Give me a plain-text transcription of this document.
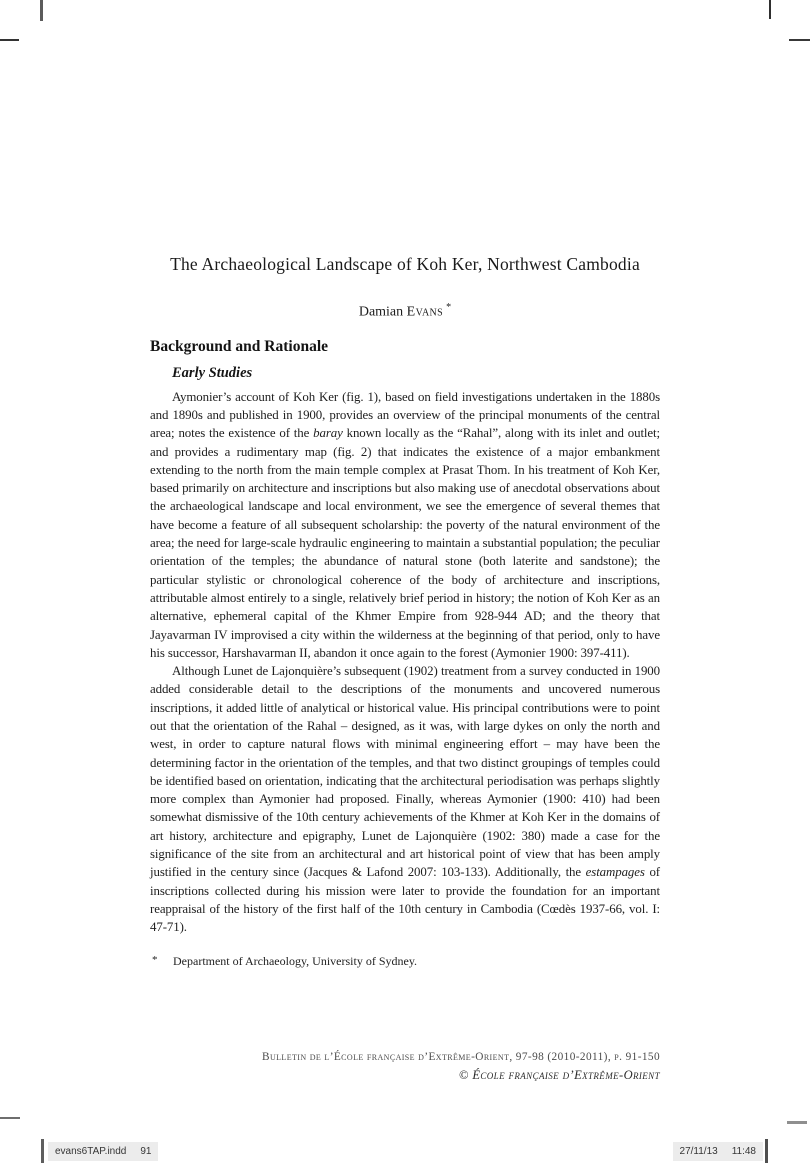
The Archaeological Landscape of Koh Ker, Northwest Cambodia
Damian Evans *
Background and Rationale
Early Studies

Aymonier’s account of Koh Ker (fig. 1), based on field investigations undertaken in the 1880s and 1890s and published in 1900, provides an overview of the principal monuments of the central area; notes the existence of the baray known locally as the “Rahal”, along with its inlet and outlet; and provides a rudimentary map (fig. 2) that indicates the existence of a major embankment extending to the north from the main temple complex at Prasat Thom. In his treatment of Koh Ker, based primarily on architecture and inscriptions but also making use of anecdotal observations about the archaeological landscape and local environment, we see the emergence of several themes that have become a feature of all subsequent scholarship: the poverty of the natural environment of the area; the need for large-scale hydraulic engineering to maintain a substantial population; the peculiar orientation of the temples; the abundance of natural stone (both laterite and sandstone); the particular stylistic or chronological coherence of the body of architecture and inscriptions, attributable almost entirely to a single, relatively brief period in history; the notion of Koh Ker as an alternative, ephemeral capital of the Khmer Empire from 928-944 AD; and the theory that Jayavarman IV improvised a city within the wilderness at the beginning of that period, only to have his successor, Harshavarman II, abandon it once again to the forest (Aymonier 1900: 397-411).

Although Lunet de Lajonquière’s subsequent (1902) treatment from a survey conducted in 1900 added considerable detail to the descriptions of the monuments and uncovered numerous inscriptions, it added little of analytical or historical value. His principal contributions were to point out that the orientation of the Rahal – designed, as it was, with large dykes on only the north and west, in order to capture natural flows with minimal engineering effort – may have been the determining factor in the orientation of the temples, and that two distinct groupings of temples could be identified based on orientation, indicating that the architectural periodisation was perhaps slightly more complex than Aymonier had proposed. Finally, whereas Aymonier (1900: 410) had been somewhat dismissive of the 10th century achievements of the Khmer at Koh Ker in the domains of art history, architecture and epigraphy, Lunet de Lajonquière (1902: 380) made a case for the significance of the site from an architectural and art historical point of view that has been amply justified in the century since (Jacques & Lafond 2007: 103-133). Additionally, the estampages of inscriptions collected during his mission were later to provide the foundation for an important reappraisal of the history of the first half of the 10th century in Cambodia (Cœdès 1937-66, vol. I: 47-71).

* Department of Archaeology, University of Sydney.
Bulletin de l’École française d’Extrême-Orient, 97-98 (2010-2011), p. 91-150
© École française d’Extrême-Orient
evans6TAP.indd 91	27/11/13 11:48
